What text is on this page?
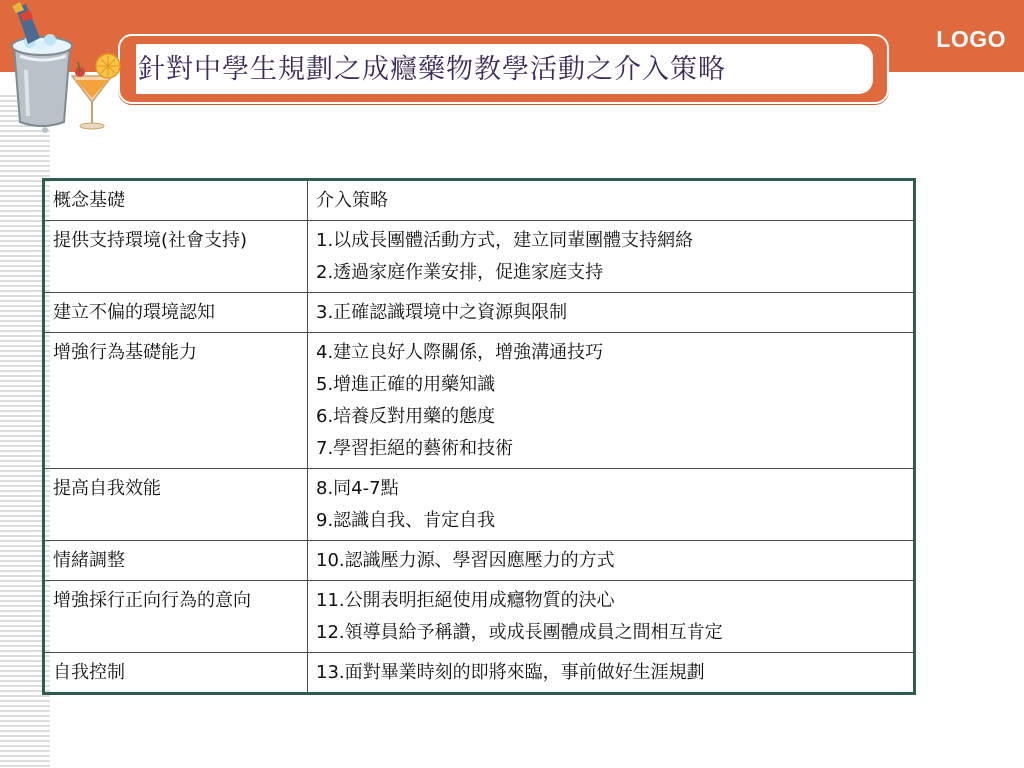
LOGO
針對中學生規劃之成癮藥物教學活動之介入策略
概念基礎	介入策略
提供支持環境(社會支持)	1.以成長團體活動方式，建立同輩團體支持網絡
2.透過家庭作業安排，促進家庭支持

建立不偏的環境認知	3.正確認識環境中之資源與限制

增強行為基礎能力	4.建立良好人際關係，增強溝通技巧
5.增進正確的用藥知識
6.培養反對用藥的態度
7.學習拒絕的藝術和技術

提高自我效能	8.同4-7點
9.認識自我、肯定自我

情緒調整	10.認識壓力源、學習因應壓力的方式

增強採行正向行為的意向	11.公開表明拒絕使用成癮物質的決心
12.領導員給予稱讚，或成長團體成員之間相互肯定

自我控制	13.面對畢業時刻的即將來臨，事前做好生涯規劃
